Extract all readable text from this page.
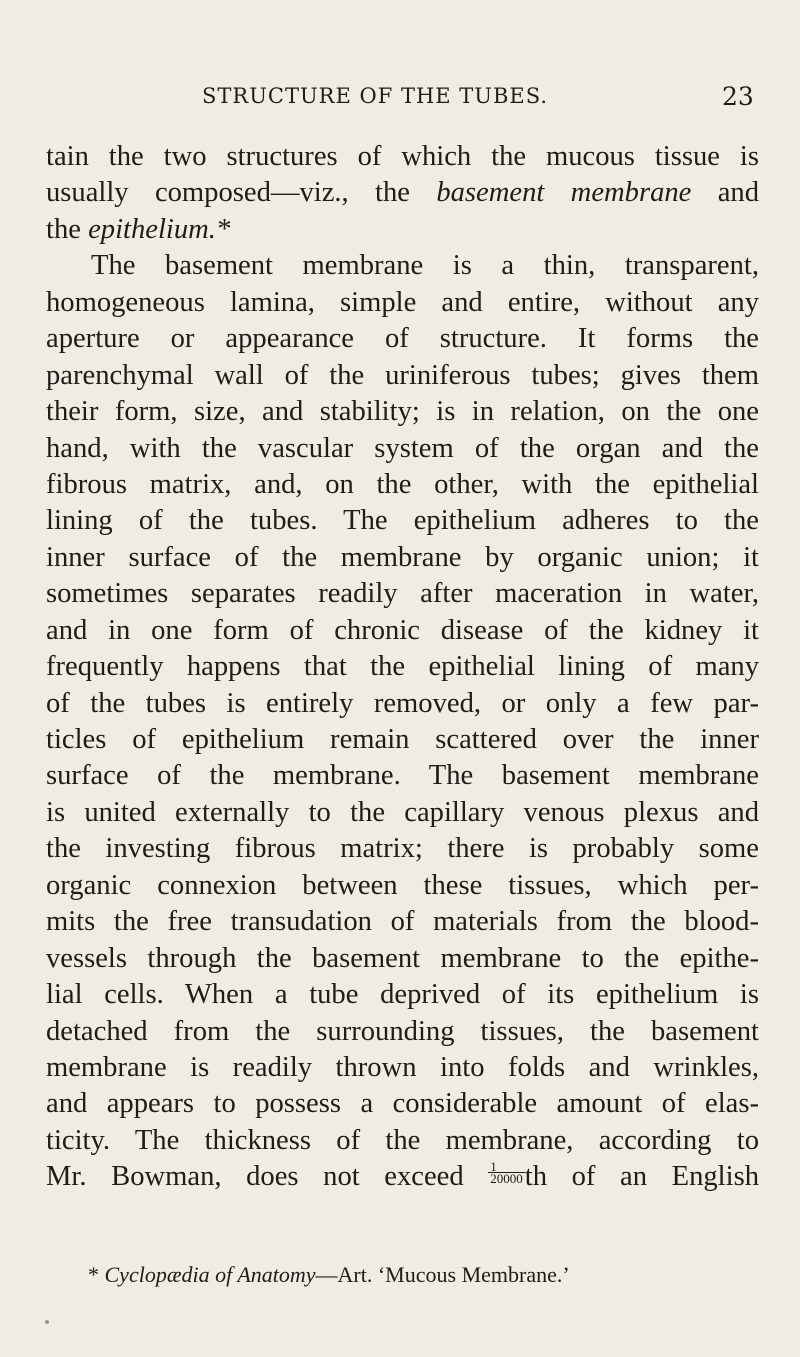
STRUCTURE OF THE TUBES.	23
tain the two structures of which the mucous tissue is
usually composed—viz., the basement membrane and
the epithelium.*
The basement membrane is a thin, transparent,
homogeneous lamina, simple and entire, without any
aperture or appearance of structure. It forms the
parenchymal wall of the uriniferous tubes; gives them
their form, size, and stability; is in relation, on the one
hand, with the vascular system of the organ and the
fibrous matrix, and, on the other, with the epithelial
lining of the tubes. The epithelium adheres to the
inner surface of the membrane by organic union; it
sometimes separates readily after maceration in water,
and in one form of chronic disease of the kidney it
frequently happens that the epithelial lining of many
of the tubes is entirely removed, or only a few par-
ticles of epithelium remain scattered over the inner
surface of the membrane. The basement membrane
is united externally to the capillary venous plexus and
the investing fibrous matrix; there is probably some
organic connexion between these tissues, which per-
mits the free transudation of materials from the blood-
vessels through the basement membrane to the epithe-
lial cells. When a tube deprived of its epithelium is
detached from the surrounding tissues, the basement
membrane is readily thrown into folds and wrinkles,
and appears to possess a considerable amount of elas-
ticity. The thickness of the membrane, according to
Mr. Bowman, does not exceed $\frac{1}{20000}$ th of an English
* Cyclopædia of Anatomy—Art. ‘Mucous Membrane.’
